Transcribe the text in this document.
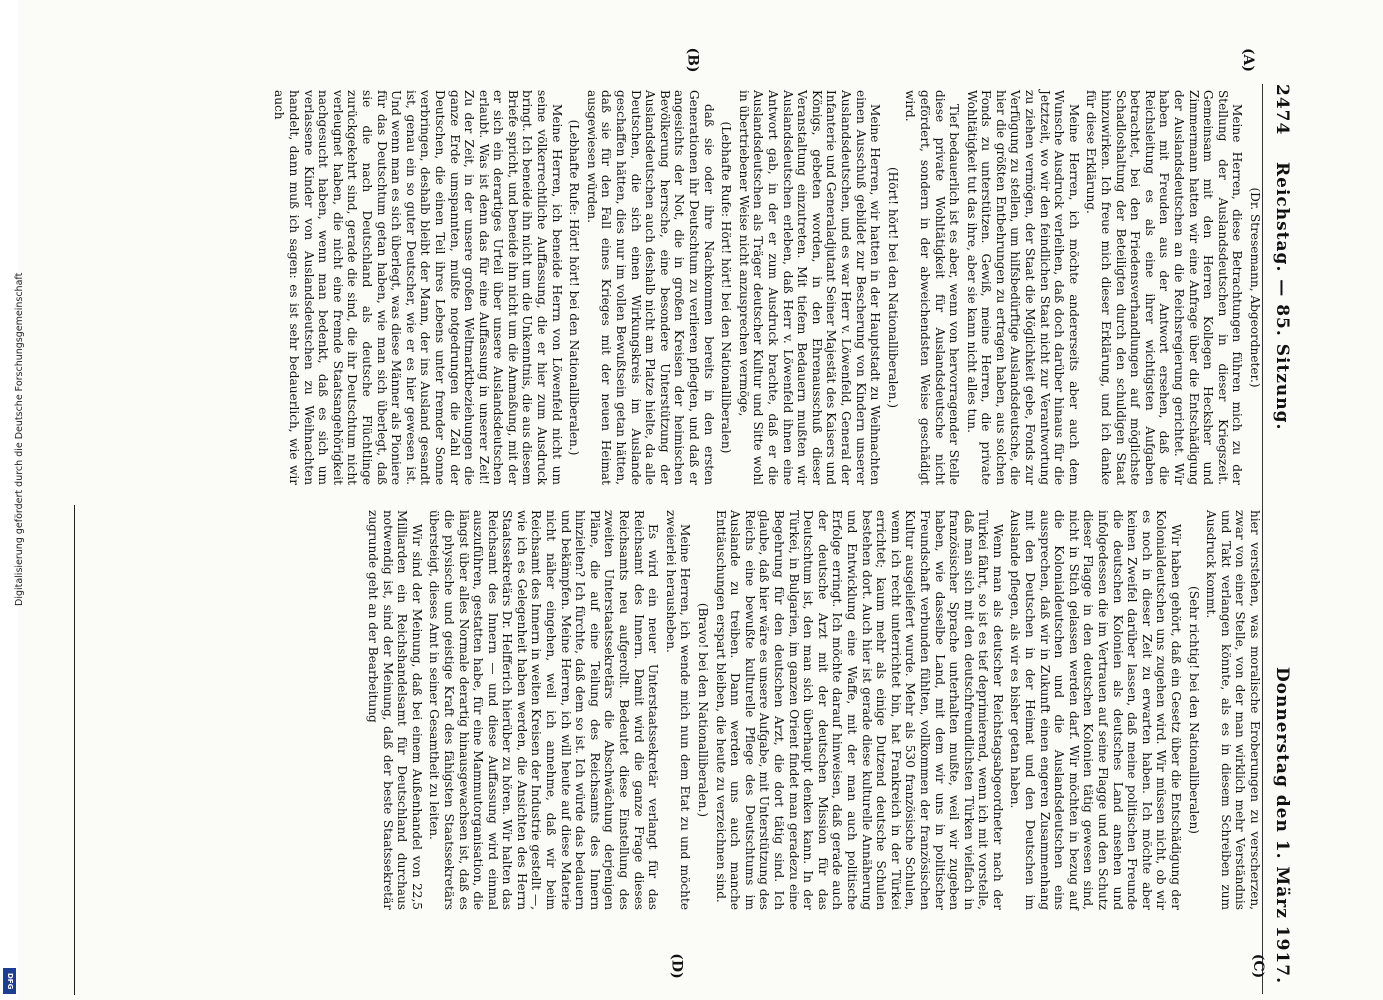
Digitalisierung gefördert durch die Deutsche Forschungsgemeinschaft
DFG
2474
Reichstag. — 85. Sitzung.
Donnerstag den 1. März 1917.
(A)
(B)
(C)
(D)

(Dr. Stresemann, Abgeordneter.)

Meine Herren, diese Betrachtungen führen mich zu der Stellung der Auslandsdeutschen in dieser Kriegszeit. Gemeinsam mit den Herren Kollegen Hecksher und Zimmermann hatten wir eine Anfrage über die Entschädigung der Auslandsdeutschen an die Reichsregierung gerichtet. Wir haben mit Freuden aus der Antwort ersehen, daß die Reichsleitung es als eine ihrer wichtigsten Aufgaben betrachtet, bei den Friedensverhandlungen auf möglichste Schadloshaltung der Beteiligten durch den schuldigen Staat hinzuwirken. Ich freue mich dieser Erklärung, und ich danke für diese Erklärung.

Meine Herren, ich möchte andererseits aber auch dem Wunsche Ausdruck verleihen, daß doch darüber hinaus für die Jetztzeit, wo wir den feindlichen Staat nicht zur Verantwortung zu ziehen vermögen, der Staat die Möglichkeit gebe, Fonds zur Verfügung zu stellen, um hilfsbedürftige Auslandsdeutsche, die hier die größten Entbehrungen zu ertragen haben, aus solchen Fonds zu unterstützen. Gewiß, meine Herren, die private Wohltätigkeit tut das ihre, aber sie kann nicht alles tun.

Tief bedauerlich ist es aber, wenn von hervorragender Stelle diese private Wohltätigkeit für Auslandsdeutsche nicht gefördert, sondern in der abweichendsten Weise geschädigt wird.

(Hört! hört! bei den Nationalliberalen.)

Meine Herren, wir hatten in der Hauptstadt zu Weihnachten einen Ausschuß gebildet zur Bescherung von Kindern unserer Auslandsdeutschen, und es war Herr v. Löwenfeld, General der Infanterie und Generaladjutant Seiner Majestät des Kaisers und Königs, gebeten worden, in den Ehrenausschuß dieser Veranstaltung einzutreten. Mit tiefem Bedauern mußten wir Auslandsdeutschen erleben, daß Herr v. Löwenfeld ihnen eine Antwort gab, in der er zum Ausdruck brachte, daß er die Auslandsdeutschen als Träger deutscher Kultur und Sitte wohl in übertriebener Weise nicht anzusprechen vermöge,

(Lebhafte Rufe: Hört! hört! bei den Nationalliberalen)

daß sie oder ihre Nachkommen bereits in den ersten Generationen ihr Deutschtum zu verlieren pflegten, und daß er angesichts der Not, die in großen Kreisen der heimischen Bevölkerung herrsche, eine besondere Unterstützung der Auslandsdeutschen auch deshalb nicht am Platze hielte, da alle Deutschen, die sich einen Wirkungskreis im Auslande geschaffen hätten, dies nur im vollen Bewußtsein getan hätten, daß sie für den Fall eines Krieges mit der neuen Heimat ausgewiesen würden.

(Lebhafte Rufe: Hört! hört! bei den Nationalliberalen.)

Meine Herren, ich beneide Herrn von Löwenfeld nicht um seine völkerrechtliche Auffassung, die er hier zum Ausdruck bringt. Ich beneide ihn nicht um die Unkenntnis, die aus diesem Briefe spricht, und beneide ihn nicht um die Anmaßung, mit der er sich ein derartiges Urteil über unsere Auslandsdeutschen erlaubt. Was ist denn das für eine Auffassung in unserer Zeit! Zu der Zeit, in der unsere großen Weltmarktbeziehungen die ganze Erde umspannten, mußte notgedrungen die Zahl der Deutschen, die einen Teil ihres Lebens unter fremder Sonne verbringen, deshalb bleibt der Mann, der ins Ausland gesandt ist, genau ein so guter Deutscher, wie er es hier gewesen ist. Und wenn man es sich überlegt, was diese Männer als Pioniere für das Deutschtum getan haben, wie man sich überlegt, daß sie die nach Deutschland als deutsche Flüchtlinge zurückgekehrt sind, gerade die sind, die ihr Deutschtum nicht verleugnet haben, die nicht eine fremde Staatsangehörigkeit nachgesucht haben, wenn man bedenkt, daß es sich um verlassene Kinder von Auslandsdeutschen zu Weihnachten handelt, dann muß ich sagen: es ist sehr bedauerlich, wie wir auch

hier verstehen, was moralische Eroberungen zu verscherzen, zwar von einer Stelle, von der man wirklich mehr Verständnis und Takt verlangen könnte, als es in diesem Schreiben zum Ausdruck kommt.

(Sehr richtig! bei den Nationalliberalen)

Wir haben gehört, daß ein Gesetz über die Entschädigung der Kolonialdeutschen uns zugehen wird. Wir müssen nicht, ob wir es noch in dieser Zeit zu erwarten haben. Ich möchte aber keinen Zweifel darüber lassen, daß meine politischen Freunde die deutschen Kolonien als deutsches Land ansehen und infolgedessen die im Vertrauen auf seine Flagge und den Schutz dieser Flagge in den deutschen Kolonien tätig gewesen sind, nicht in Stich gelassen werden darf. Wir möchten in bezug auf die Kolonialdeutschen und die Auslandsdeutschen eins aussprechen, daß wir in Zukunft einen engeren Zusammenhang mit den Deutschen in der Heimat und den Deutschen im Auslande pflegen, als wir es bisher getan haben.

Wenn man als deutscher Reichstagsabgeordneter nach der Türkei fährt, so ist es tief deprimierend, wenn ich mit vorstelle, daß man sich mit den deutschfreundlichsten Türken vielfach in französischer Sprache unterhalten mußte, weil wir zugeben haben, wie dasselbe Land, mit dem wir uns in politischer Freundschaft verbunden fühlten, vollkommen der französischen Kultur ausgeliefert wurde. Mehr als 530 französische Schulen, wenn ich recht unterrichtet bin, hat Frankreich in der Türkei errichtet; kaum mehr als einige Dutzend deutsche Schulen bestehen dort. Auch hier ist gerade diese kulturelle Annäherung und Entwicklung eine Waffe, mit der man auch politische Erfolge erringt. Ich möchte darauf hinweisen, daß gerade auch der deutsche Arzt mit der deutschen Mission für das Deutschtum ist, den man sich überhaupt denken kann. In der Türkei, in Bulgarien, im ganzen Orient findet man geradezu eine Begehrung für den deutschen Arzt, die dort tätig sind. Ich glaube, daß hier wäre es unsere Aufgabe, mit Unterstützung des Reichs eine bewußte kulturelle Pflege des Deutschtums im Auslande zu treiben. Dann werden uns auch manche Enttäuschungen erspart bleiben, die heute zu verzeichnen sind.

(Bravo! bei den Nationalliberalen.)

Meine Herren, ich wende mich nun dem Etat zu und möchte zweierlei herausheben.

Es wird ein neuer Unterstaatssekretär verlangt für das Reichsamt des Innern. Damit wird die ganze Frage dieses Reichsamts neu aufgerollt. Bedeutet diese Einstellung des zweiten Unterstaatssekretärs die Abschwächung derjenigen Pläne, die auf eine Teilung des Reichsamts des Innern hinzielten? Ich fürchte, daß dem so ist. Ich würde das bedauern und bekämpfen. Meine Herren, ich will heute auf diese Materie nicht näher eingehen, weil ich annehme, daß wir beim Reichsamt des Innern in weiten Kreisen der Industrie gestellt —, wie ich es Gelegenheit haben werden, die Ansichten des Herrn Staatssekretärs Dr. Helfferich hierüber zu hören. Wir halten das Reichsamt des Innern — und diese Auffassung wird einmal auszuführen, gestatten habe, für eine Mammutorganisation, die längst über alles Normale derartig hinausgewachsen ist, daß es die physische und geistige Kraft des fähigsten Staatssekretärs übersteigt, dieses Amt in seiner Gesamtheit zu leiten.

Wir sind der Meinung, daß bei einem Außenhandel von 22,5 Milliarden ein Reichshandelsamt für Deutschland durchaus notwendig ist, sind der Meinung, daß der beste Staatssekretär zugrunde geht an der Bearbeitung
